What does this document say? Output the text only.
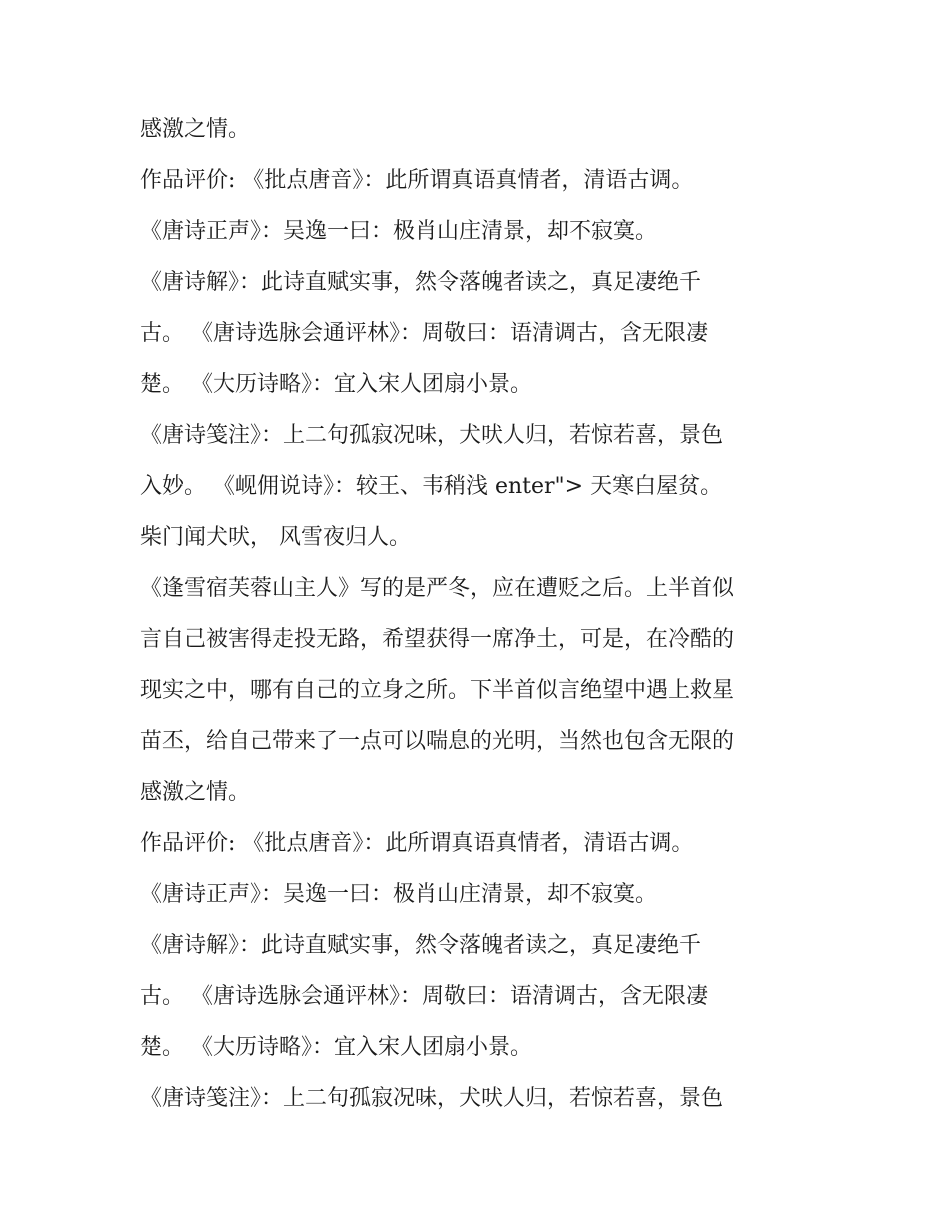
感激之情。
作品评价: 《批点唐音》：此所谓真语真情者，清语古调。
《唐诗正声》：吴逸一曰：极肖山庄清景，却不寂寞。
《唐诗解》：此诗直赋实事，然令落魄者读之，真足凄绝千
古。 《唐诗选脉会通评林》：周敬曰：语清调古，含无限凄
楚。 《大历诗略》：宜入宋人团扇小景。
《唐诗笺注》：上二句孤寂况味，犬吠人归，若惊若喜，景色
入妙。 《岘佣说诗》：较王、韦稍浅 enter"> 天寒白屋贫。
柴门闻犬吠， 风雪夜归人。
《逢雪宿芙蓉山主人》写的是严冬，应在遭贬之后。上半首似
言自己被害得走投无路，希望获得一席净土，可是，在冷酷的
现实之中，哪有自己的立身之所。下半首似言绝望中遇上救星
苗丕，给自己带来了一点可以喘息的光明，当然也包含无限的
感激之情。
作品评价: 《批点唐音》：此所谓真语真情者，清语古调。
《唐诗正声》：吴逸一曰：极肖山庄清景，却不寂寞。
《唐诗解》：此诗直赋实事，然令落魄者读之，真足凄绝千
古。 《唐诗选脉会通评林》：周敬曰：语清调古，含无限凄
楚。 《大历诗略》：宜入宋人团扇小景。
《唐诗笺注》：上二句孤寂况味，犬吠人归，若惊若喜，景色
